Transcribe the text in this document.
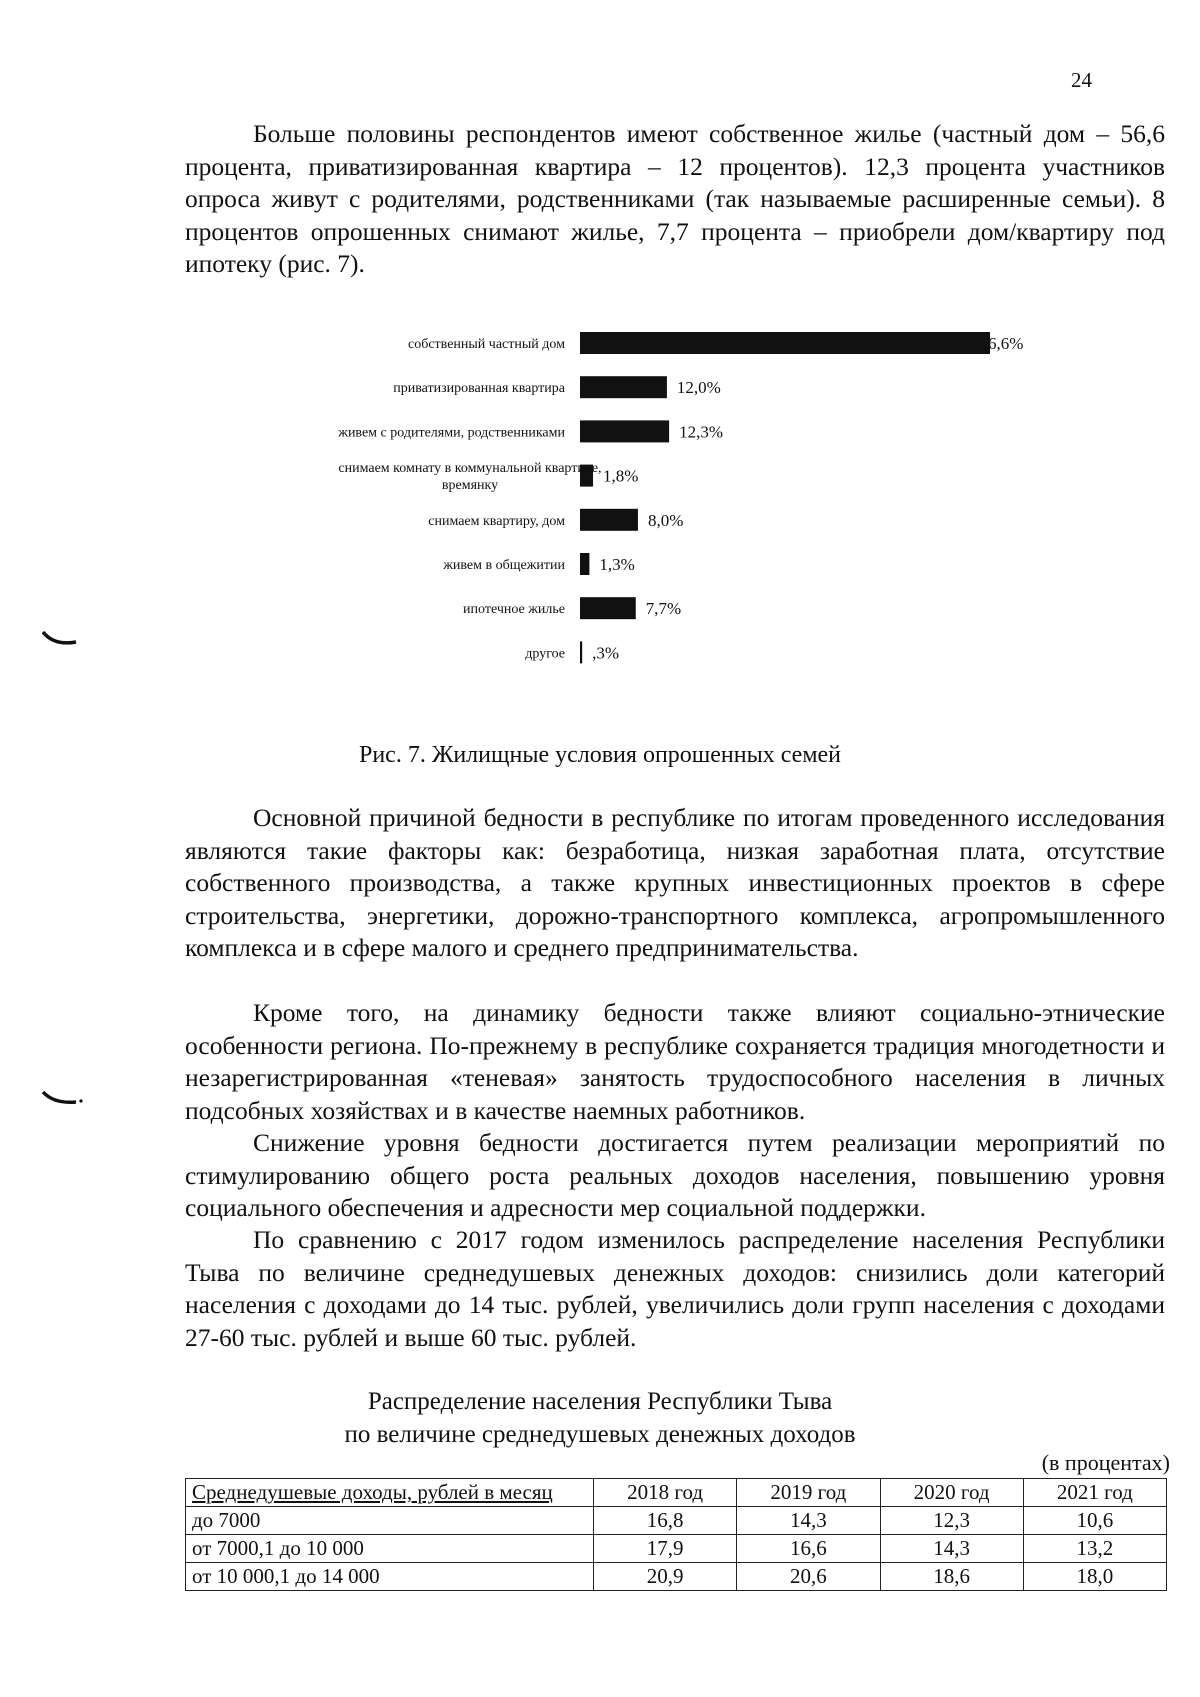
24

Больше половины респондентов имеют собственное жилье (частный дом – 56,6 процента, приватизированная квартира – 12 процентов). 12,3 процента участников опроса живут с родителями, родственниками (так называемые расширенные семьи). 8 процентов опрошенных снимают жилье, 7,7 процента – приобрели дом/квартиру под ипотеку (рис. 7).

собственный частный дом	6,6%
приватизированная квартира	12,0%
живем с родителями, родственниками	12,3%
снимаем комнату в коммунальной квартире,
времянку	1,8%
снимаем квартиру, дом	8,0%
живем в общежитии 1,3%
ипотечное жилье	7,7%
другое ,3%
Рис. 7. Жилищные условия опрошенных семей

Основной причиной бедности в республике по итогам проведенного исследования являются такие факторы как: безработица, низкая заработная плата, отсутствие собственного производства, а также крупных инвестиционных проектов в сфере строительства, энергетики, дорожно-транспортного комплекса, агропромышленного комплекса и в сфере малого и среднего предпринимательства.

Кроме того, на динамику бедности также влияют социально-этнические особенности региона. По-прежнему в республике сохраняется традиция многодетности и незарегистрированная «теневая» занятость трудоспособного населения в личных подсобных хозяйствах и в качестве наемных работников.

Снижение уровня бедности достигается путем реализации мероприятий по стимулированию общего роста реальных доходов населения, повышению уровня социального обеспечения и адресности мер социальной поддержки.

По сравнению с 2017 годом изменилось распределение населения Республики Тыва по величине среднедушевых денежных доходов: снизились доли категорий населения с доходами до 14 тыс. рублей, увеличились доли групп населения с доходами 27-60 тыс. рублей и выше 60 тыс. рублей.

Распределение населения Республики Тыва
по величине среднедушевых денежных доходов
(в процентах)
Среднедушевые доходы, рублей в месяц	2018 год	2019 год	2020 год	2021 год
до 7000	16,8	14,3	12,3	10,6
от 7000,1 до 10 000	17,9	16,6	14,3	13,2
от 10 000,1 до 14 000	20,9	20,6	18,6	18,0
